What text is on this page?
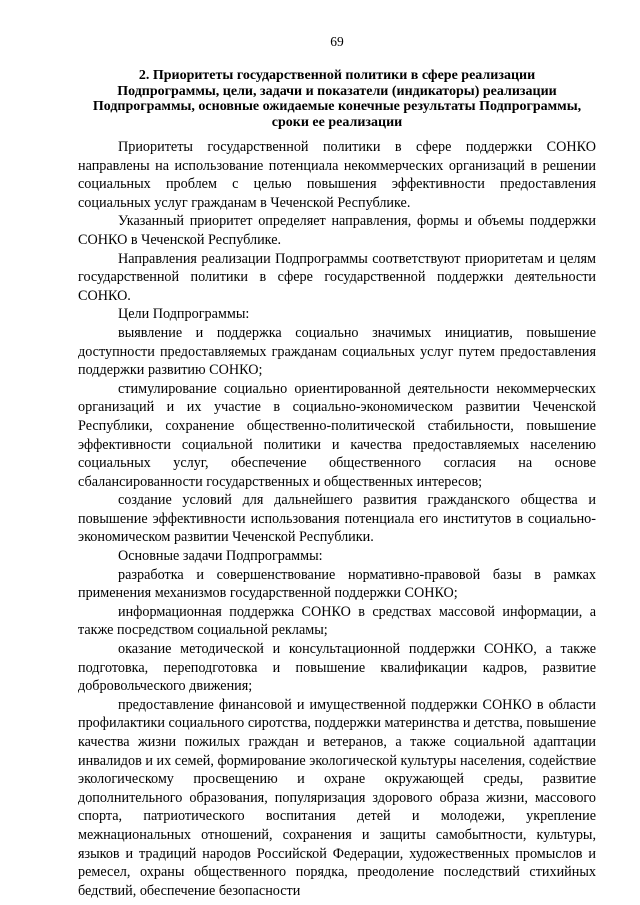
69
2. Приоритеты государственной политики в сфере реализации
Подпрограммы, цели, задачи и показатели (индикаторы) реализации
Подпрограммы, основные ожидаемые конечные результаты Подпрограммы,
сроки ее реализации

Приоритеты государственной политики в сфере поддержки СОНКО направлены на использование потенциала некоммерческих организаций в решении социальных проблем с целью повышения эффективности предоставления социальных услуг гражданам в Чеченской Республике.

Указанный приоритет определяет направления, формы и объемы поддержки СОНКО в Чеченской Республике.

Направления реализации Подпрограммы соответствуют приоритетам и целям государственной политики в сфере государственной поддержки деятельности СОНКО.

Цели Подпрограммы:

выявление и поддержка социально значимых инициатив, повышение доступности предоставляемых гражданам социальных услуг путем предоставления поддержки развитию СОНКО;

стимулирование социально ориентированной деятельности некоммерческих организаций и их участие в социально-экономическом развитии Чеченской Республики, сохранение общественно-политической стабильности, повышение эффективности социальной политики и качества предоставляемых населению социальных услуг, обеспечение общественного согласия на основе сбалансированности государственных и общественных интересов;

создание условий для дальнейшего развития гражданского общества и повышение эффективности использования потенциала его институтов в социально-экономическом развитии Чеченской Республики.

Основные задачи Подпрограммы:

разработка и совершенствование нормативно-правовой базы в рамках применения механизмов государственной поддержки СОНКО;

информационная поддержка СОНКО в средствах массовой информации, а также посредством социальной рекламы;

оказание методической и консультационной поддержки СОНКО, а также подготовка, переподготовка и повышение квалификации кадров, развитие добровольческого движения;

предоставление финансовой и имущественной поддержки СОНКО в области профилактики социального сиротства, поддержки материнства и детства, повышение качества жизни пожилых граждан и ветеранов, а также социальной адаптации инвалидов и их семей, формирование экологической культуры населения, содействие экологическому просвещению и охране окружающей среды, развитие дополнительного образования, популяризация здорового образа жизни, массового спорта, патриотического воспитания детей и молодежи, укрепление межнациональных отношений, сохранения и защиты самобытности, культуры, языков и традиций народов Российской Федерации, художественных промыслов и ремесел, охраны общественного порядка, преодоление последствий стихийных бедствий, обеспечение безопасности
